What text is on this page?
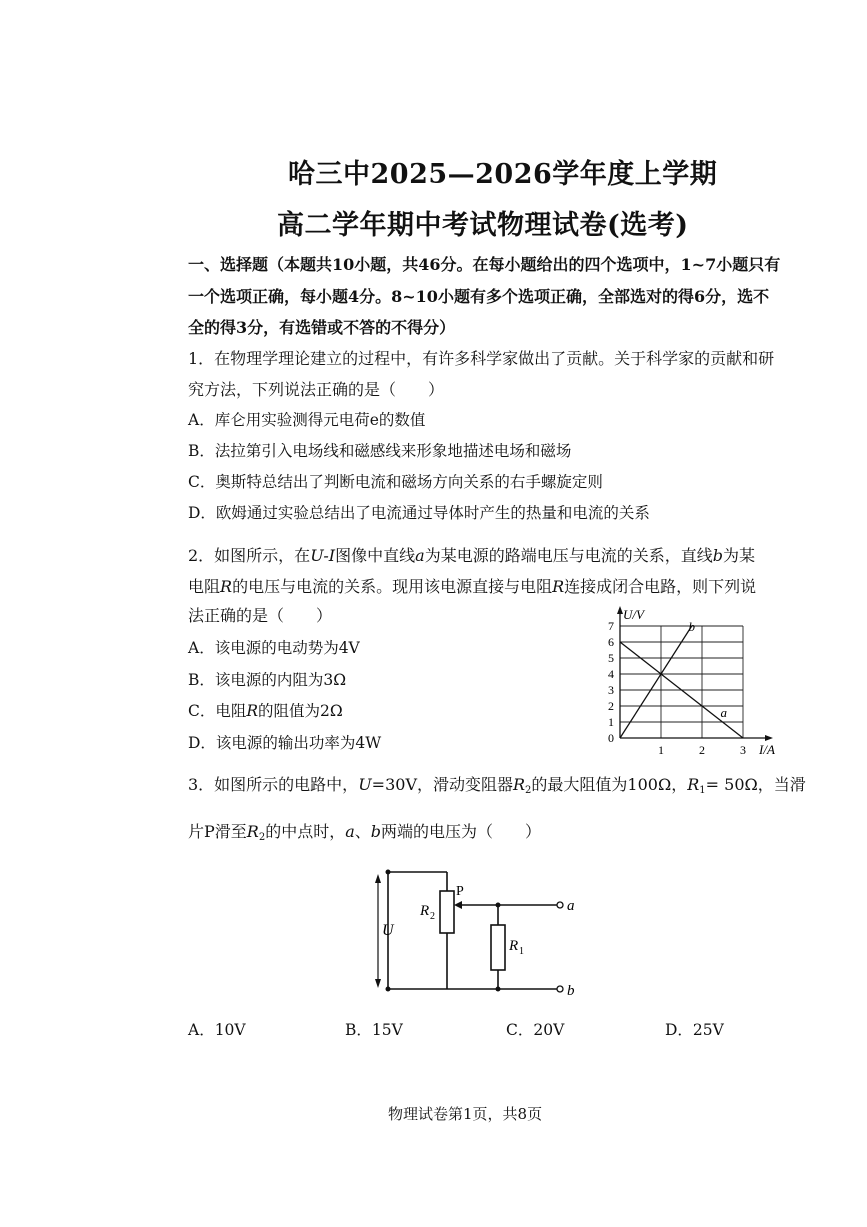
哈三中2025—2026学年度上学期
高二学年期中考试物理试卷(选考)
一、选择题（本题共10小题，共46分。在每小题给出的四个选项中，1~7小题只有
一个选项正确，每小题4分。8~10小题有多个选项正确，全部选对的得6分，选不
全的得3分，有选错或不答的不得分）
1．在物理学理论建立的过程中，有许多科学家做出了贡献。关于科学家的贡献和研
究方法，下列说法正确的是（　　）
A．库仑用实验测得元电荷e的数值
B．法拉第引入电场线和磁感线来形象地描述电场和磁场
C．奥斯特总结出了判断电流和磁场方向关系的右手螺旋定则
D．欧姆通过实验总结出了电流通过导体时产生的热量和电流的关系
2．如图所示，在U-I图像中直线a为某电源的路端电压与电流的关系，直线b为某
电阻R的电压与电流的关系。现用该电源直接与电阻R连接成闭合电路，则下列说
法正确的是（　　）
A．该电源的电动势为4V
B．该电源的内阻为3Ω
C．电阻R的阻值为2Ω
D．该电源的输出功率为4W
U/V
I/A
0
1
2
3
4
5
6
7
1	2	3
a
b
3．如图所示的电路中，U=30V，滑动变阻器$R_2$的最大阻值为100Ω，$R_1= 50\Omega$，当滑
片P滑至$R_2$的中点时，a、b两端的电压为（　　）
P
R 2
R 1
U
a
b
A．10V	B．15V	C．20V	D．25V
物理试卷第1页，共8页
